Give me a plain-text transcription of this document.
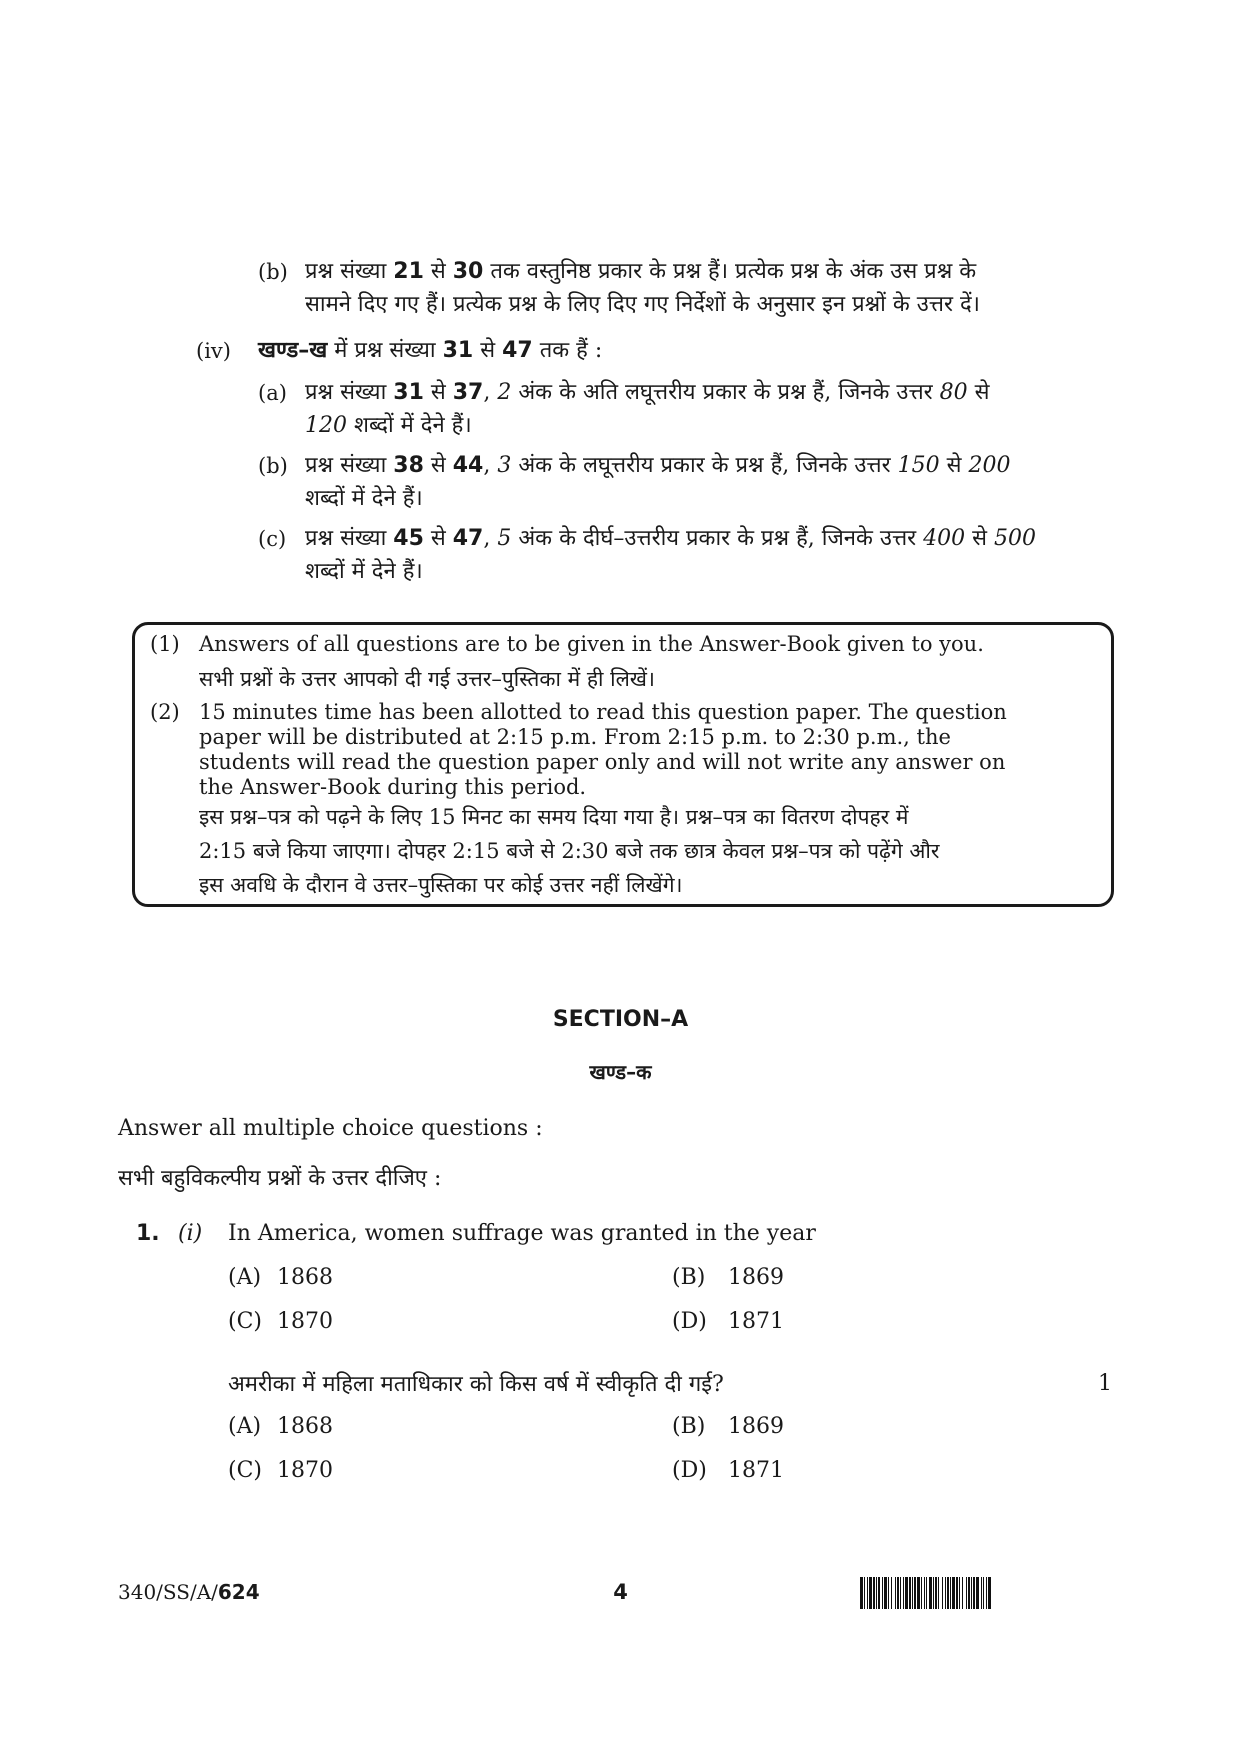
(b) प्रश्न संख्या 21 से 30 तक वस्तुनिष्ठ प्रकार के प्रश्न हैं। प्रत्येक प्रश्न के अंक उस प्रश्न के
सामने दिए गए हैं। प्रत्येक प्रश्न के लिए दिए गए निर्देशों के अनुसार इन प्रश्नों के उत्तर दें।
(iv) खण्ड–ख में प्रश्न संख्या 31 से 47 तक हैं :
(a) प्रश्न संख्या 31 से 37, 2 अंक के अति लघूत्तरीय प्रकार के प्रश्न हैं, जिनके उत्तर 80 से
120 शब्दों में देने हैं।
(b) प्रश्न संख्या 38 से 44, 3 अंक के लघूत्तरीय प्रकार के प्रश्न हैं, जिनके उत्तर 150 से 200
शब्दों में देने हैं।
(c) प्रश्न संख्या 45 से 47, 5 अंक के दीर्घ–उत्तरीय प्रकार के प्रश्न हैं, जिनके उत्तर 400 से 500
शब्दों में देने हैं।
(1) Answers of all questions are to be given in the Answer-Book given to you.
सभी प्रश्नों के उत्तर आपको दी गई उत्तर–पुस्तिका में ही लिखें।
(2) 15 minutes time has been allotted to read this question paper. The question
paper will be distributed at 2:15 p.m. From 2:15 p.m. to 2:30 p.m., the
students will read the question paper only and will not write any answer on
the Answer-Book during this period.
इस प्रश्न–पत्र को पढ़ने के लिए 15 मिनट का समय दिया गया है। प्रश्न–पत्र का वितरण दोपहर में
2:15 बजे किया जाएगा। दोपहर 2:15 बजे से 2:30 बजे तक छात्र केवल प्रश्न–पत्र को पढ़ेंगे और
इस अवधि के दौरान वे उत्तर–पुस्तिका पर कोई उत्तर नहीं लिखेंगे।
SECTION–A
खण्ड–क
Answer all multiple choice questions :
सभी बहुविकल्पीय प्रश्नों के उत्तर दीजिए :
1. (i) In America, women suffrage was granted in the year
(A) 1868	(B) 1869
(C) 1870	(D) 1871
अमरीका में महिला मताधिकार को किस वर्ष में स्वीकृति दी गई?	1
(A) 1868	(B) 1869
(C) 1870	(D) 1871
340/SS/A/624	4
